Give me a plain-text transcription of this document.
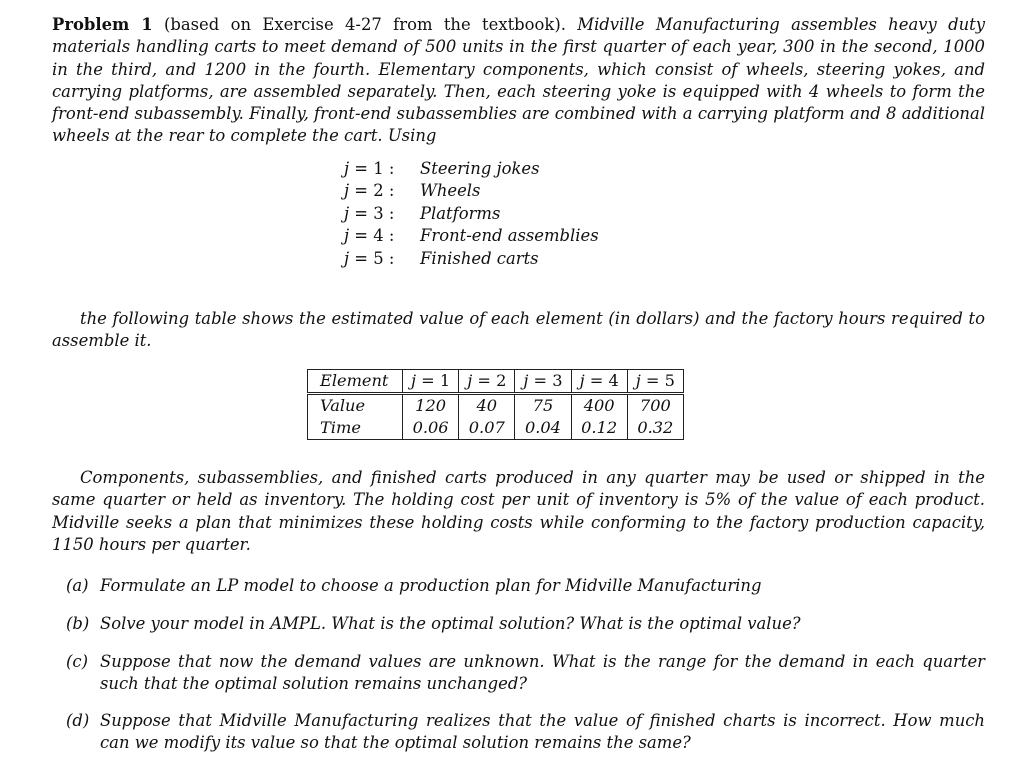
Problem 1 (based on Exercise 4-27 from the textbook). Midville Manufacturing assembles heavy duty materials handling carts to meet demand of 500 units in the first quarter of each year, 300 in the second, 1000 in the third, and 1200 in the fourth. Elementary components, which consist of wheels, steering yokes, and carrying platforms, are assembled separately. Then, each steering yoke is equipped with 4 wheels to form the front-end subassembly. Finally, front-end subassemblies are combined with a carrying platform and 8 additional wheels at the rear to complete the cart. Using
j = 1 :	Steering jokes
j = 2 :	Wheels
j = 3 :	Platforms
j = 4 :	Front-end assemblies
j = 5 :	Finished carts
the following table shows the estimated value of each element (in dollars) and the factory hours required to assemble it.
Element	j = 1	j = 2	j = 3	j = 4	j = 5
Value	120	40	75	400	700
Time	0.06	0.07	0.04	0.12	0.32
Components, subassemblies, and finished carts produced in any quarter may be used or shipped in the same quarter or held as inventory. The holding cost per unit of inventory is 5% of the value of each product. Midville seeks a plan that minimizes these holding costs while conforming to the factory production capacity, 1150 hours per quarter.
(a) Formulate an LP model to choose a production plan for Midville Manufacturing
(b) Solve your model in AMPL. What is the optimal solution? What is the optimal value?
(c) Suppose that now the demand values are unknown. What is the range for the demand in each quarter such that the optimal solution remains unchanged?
(d) Suppose that Midville Manufacturing realizes that the value of finished charts is incorrect. How much can we modify its value so that the optimal solution remains the same?
